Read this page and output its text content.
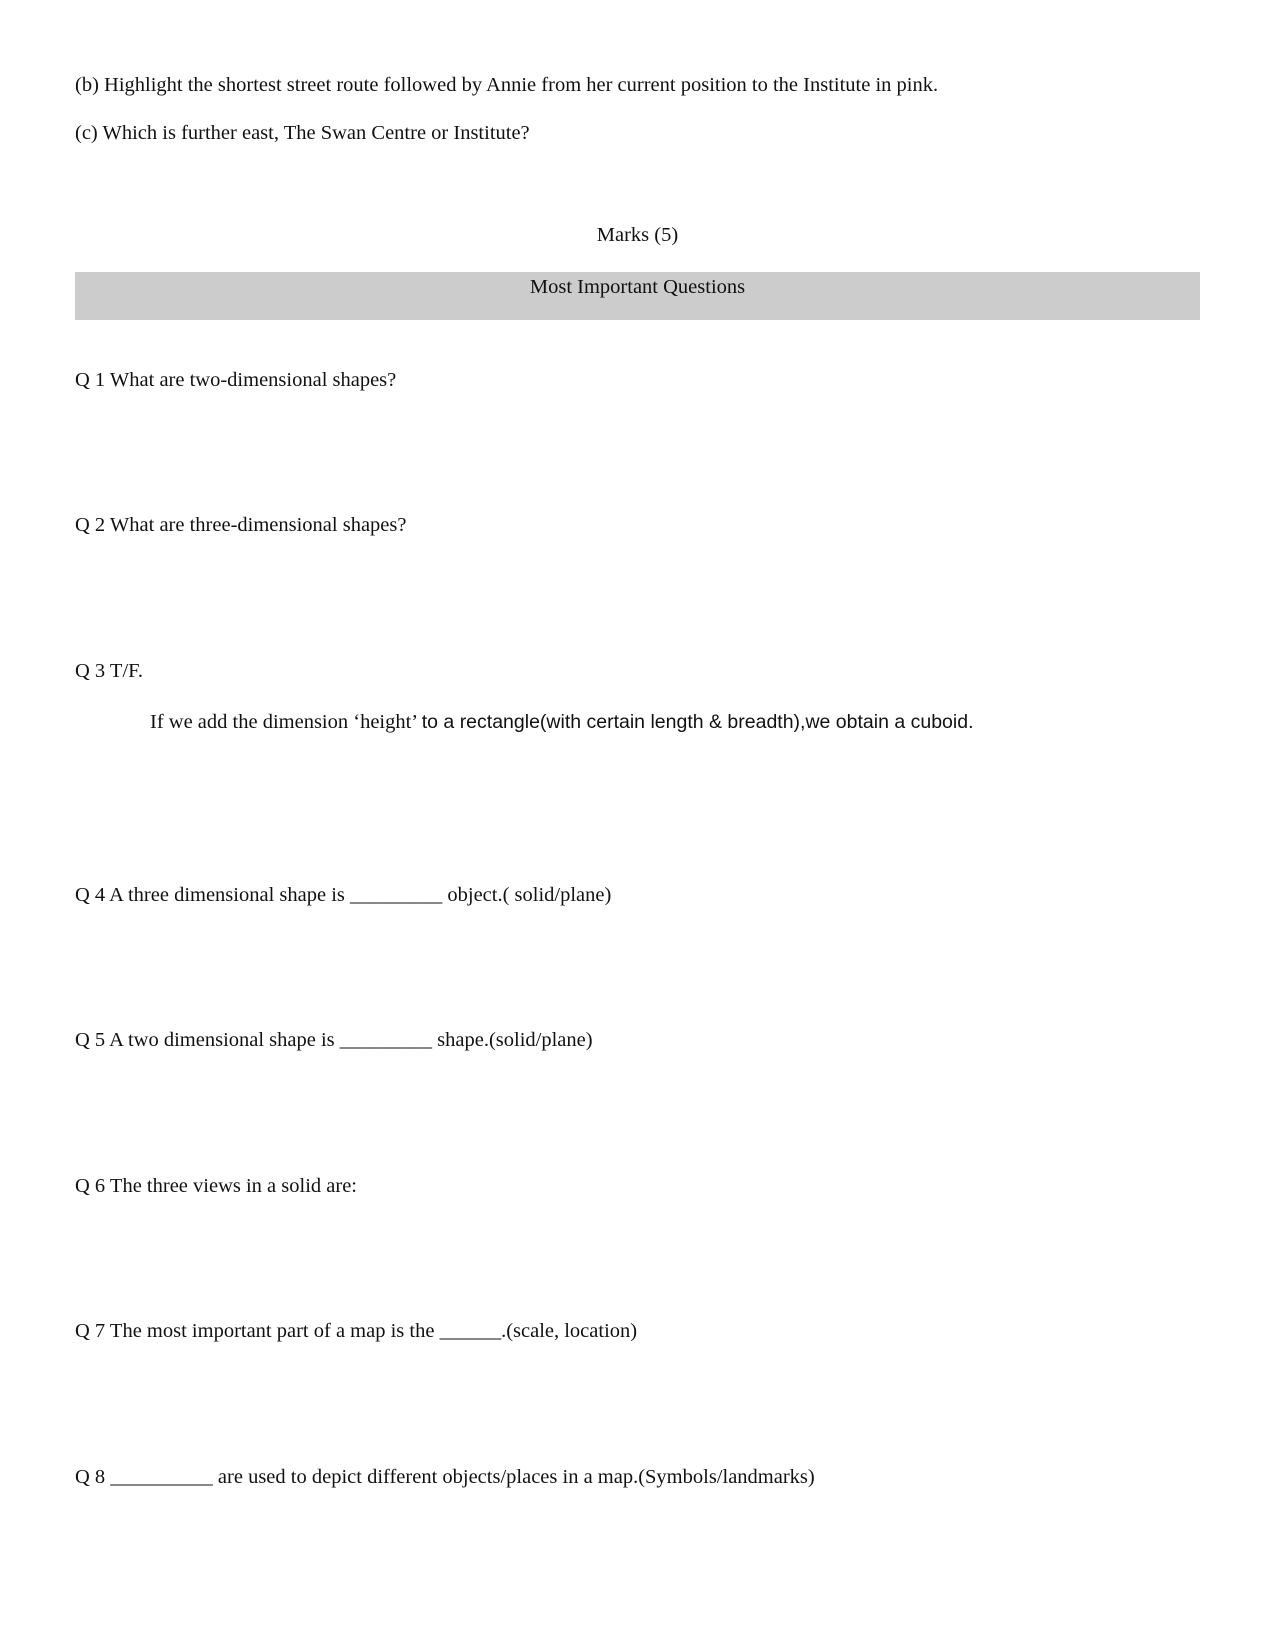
(b) Highlight the shortest street route followed by Annie from her current position to the Institute in pink.

(c) Which is further east, The Swan Centre or Institute?

Marks (5)

Most Important Questions

Q 1 What are two-dimensional shapes?

Q 2 What are three-dimensional shapes?

Q 3 T/F.

If we add the dimension ‘height’ to a rectangle(with certain length & breadth),we obtain a cuboid.

Q 4 A three dimensional shape is _________ object.( solid/plane)

Q 5 A two dimensional shape is _________ shape.(solid/plane)

Q 6 The three views in a solid are:

Q 7 The most important part of a map is the ______.(scale, location)

Q 8 __________ are used to depict different objects/places in a map.(Symbols/landmarks)
